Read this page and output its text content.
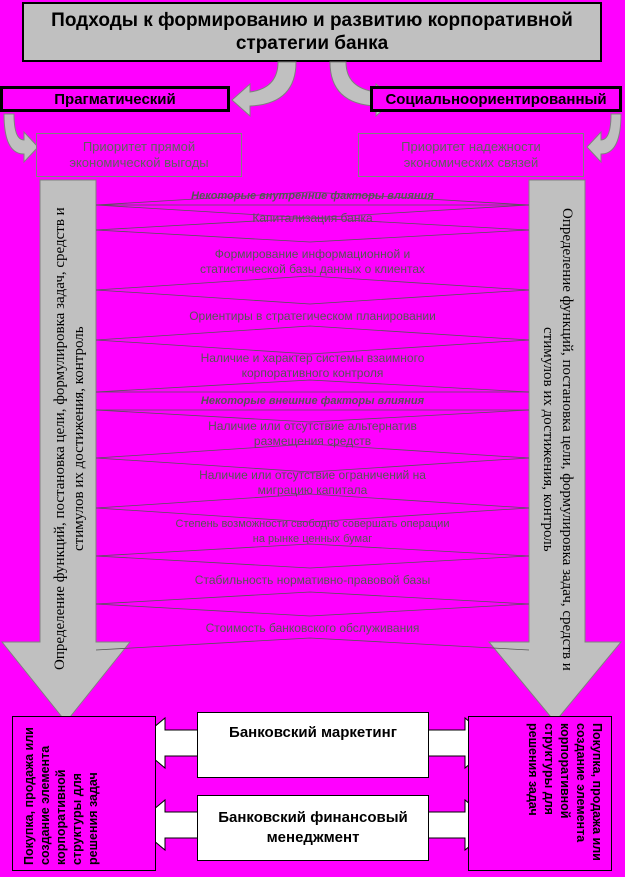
Подходы к формированию и развитию корпоративной стратегии банка
Прагматический	Социальноориентированный
Приоритет прямой экономической выгоды
Приоритет надежности экономических связей
Определение функций, постановка цели, формулировка задач, средств и стимулов их достижения, контроль	Определение функций, постановка цели, формулировка задач, средств и стимулов их достижения, контроль
Некоторые внутренние факторы влияния
Капитализация банка
Формирование информационной и статистической базы данных о клиентах
Ориентиры в стратегическом планировании
Наличие и характер системы взаимного корпоративного контроля
Некоторые внешние факторы влияния
Наличие или отсутствие альтернатив размещения средств
Наличие или отсутствие ограничений на миграцию капитала
Степень возможности свободно совершать операции на рынке ценных бумаг
Стабильность нормативно-правовой базы
Стоимость банковского обслуживания
Покупка, продажа или создание элемента корпоративной структуры для решения задач	Покупка, продажа или создание элемента корпоративной структуры для решения задач
Банковский маркетинг
Банковский финансовый менеджмент
